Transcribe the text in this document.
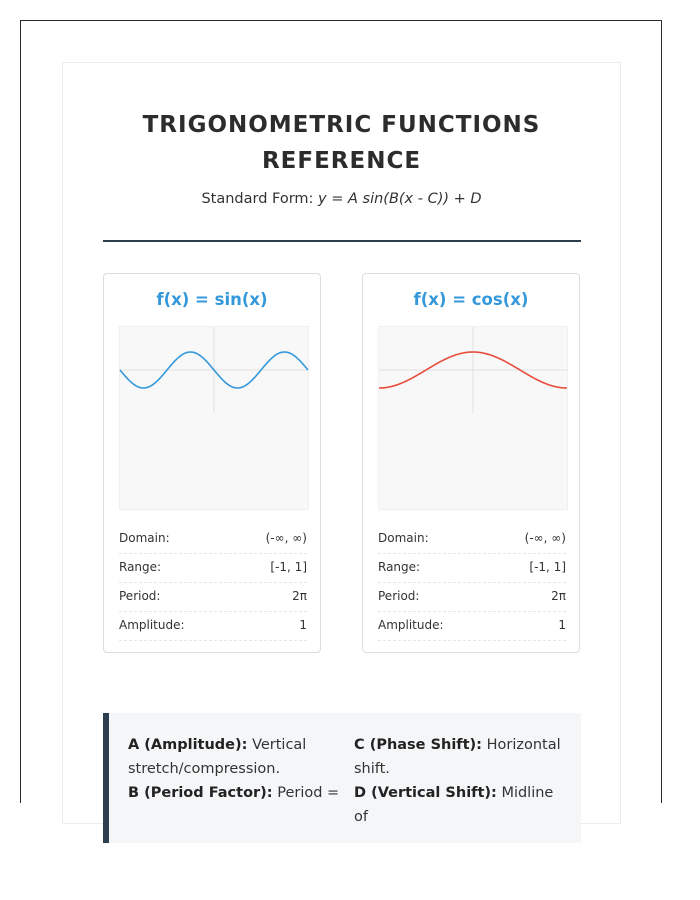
TRIGONOMETRIC FUNCTIONS
REFERENCE
Standard Form: y = A sin(B(x - C)) + D
f(x) = sin(x)
Domain:	(-∞, ∞)
Range:	[-1, 1]
Period:	2π
Amplitude:	1
f(x) = cos(x)
Domain:	(-∞, ∞)
Range:	[-1, 1]
Period:	2π
Amplitude:	1
A (Amplitude): Vertical stretch/compression.
C (Phase Shift): Horizontal shift.
B (Period Factor): Period =	D (Vertical Shift): Midline of
